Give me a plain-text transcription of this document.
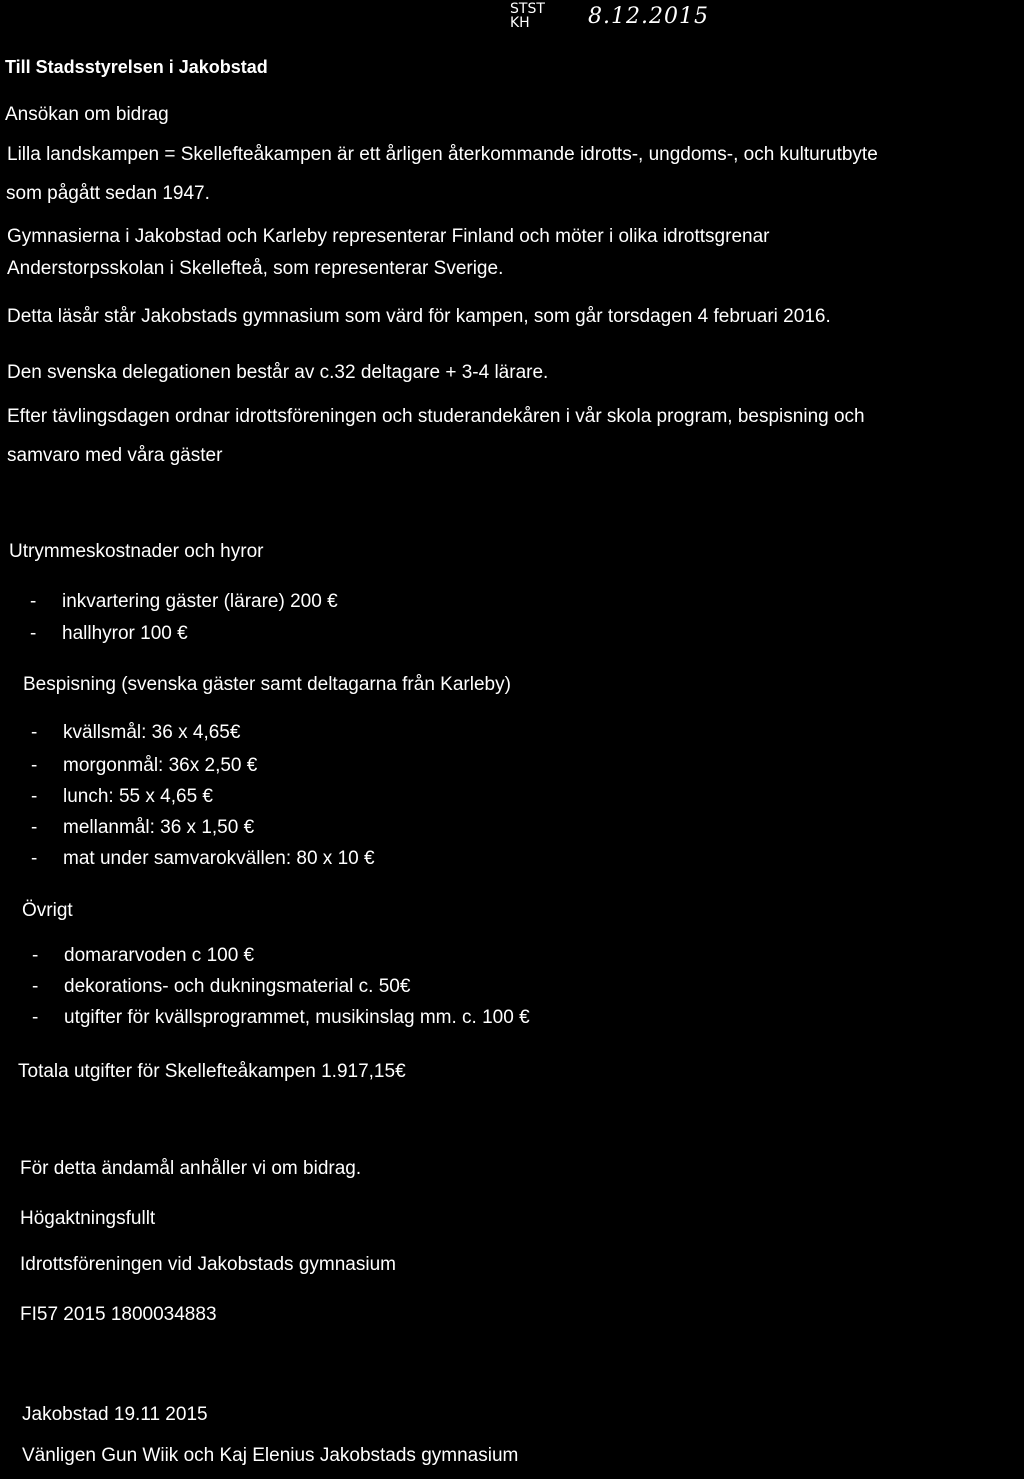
STST
KH	8.12.2015
Till Stadsstyrelsen i Jakobstad
Ansökan om bidrag
Lilla landskampen = Skellefteåkampen är ett årligen återkommande idrotts-, ungdoms-, och kulturutbyte
som pågått sedan 1947.
Gymnasierna i Jakobstad och Karleby representerar Finland och möter i olika idrottsgrenar
Anderstorpsskolan i Skellefteå, som representerar Sverige.
Detta läsår står Jakobstads gymnasium som värd för kampen, som går torsdagen 4 februari 2016.
Den svenska delegationen består av c.32 deltagare + 3-4 lärare.
Efter tävlingsdagen ordnar idrottsföreningen och studerandekåren i vår skola program, bespisning och
samvaro med våra gäster
Utrymmeskostnader och hyror
- inkvartering gäster (lärare) 200 €
- hallhyror 100 €
Bespisning (svenska gäster samt deltagarna från Karleby)
- kvällsmål: 36 x 4,65€
- morgonmål: 36x 2,50 €
- lunch: 55 x 4,65 €
- mellanmål: 36 x 1,50 €
- mat under samvarokvällen: 80 x 10 €
Övrigt
- domararvoden c 100 €
- dekorations- och dukningsmaterial c. 50€
- utgifter för kvällsprogrammet, musikinslag mm. c. 100 €
Totala utgifter för Skellefteåkampen 1.917,15€
För detta ändamål anhåller vi om bidrag.
Högaktningsfullt
Idrottsföreningen vid Jakobstads gymnasium
FI57 2015 1800034883
Jakobstad 19.11 2015
Vänligen Gun Wiik och Kaj Elenius Jakobstads gymnasium
